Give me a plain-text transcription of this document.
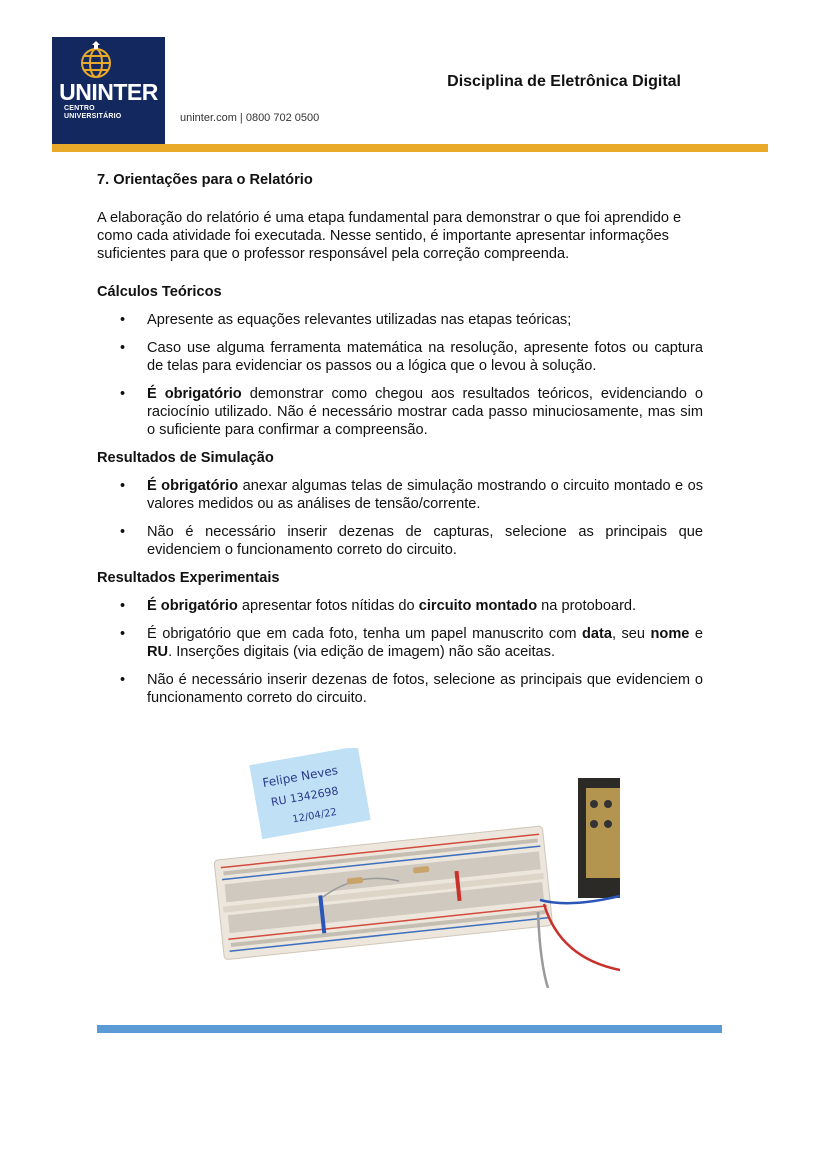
UNINTER
CENTRO
UNIVERSITÁRIO	uninter.com | 0800 702 0500
Disciplina de Eletrônica Digital

7. Orientações para o Relatório

A elaboração do relatório é uma etapa fundamental para demonstrar o que foi aprendido e como cada atividade foi executada. Nesse sentido, é importante apresentar informações suficientes para que o professor responsável pela correção compreenda.

Cálculos Teóricos

• Apresente as equações relevantes utilizadas nas etapas teóricas;
• Caso use alguma ferramenta matemática na resolução, apresente fotos ou captura de telas para evidenciar os passos ou a lógica que o levou à solução.
• É obrigatório demonstrar como chegou aos resultados teóricos, evidenciando o raciocínio utilizado. Não é necessário mostrar cada passo minuciosamente, mas sim o suficiente para confirmar a compreensão.

Resultados de Simulação

• É obrigatório anexar algumas telas de simulação mostrando o circuito montado e os valores medidos ou as análises de tensão/corrente.
• Não é necessário inserir dezenas de capturas, selecione as principais que evidenciem o funcionamento correto do circuito.

Resultados Experimentais

• É obrigatório apresentar fotos nítidas do circuito montado na protoboard.
• É obrigatório que em cada foto, tenha um papel manuscrito com data, seu nome e RU. Inserções digitais (via edição de imagem) não são aceitas.
• Não é necessário inserir dezenas de fotos, selecione as principais que evidenciem o funcionamento correto do circuito.
Felipe Neves
RU 1342698
12/04/22
